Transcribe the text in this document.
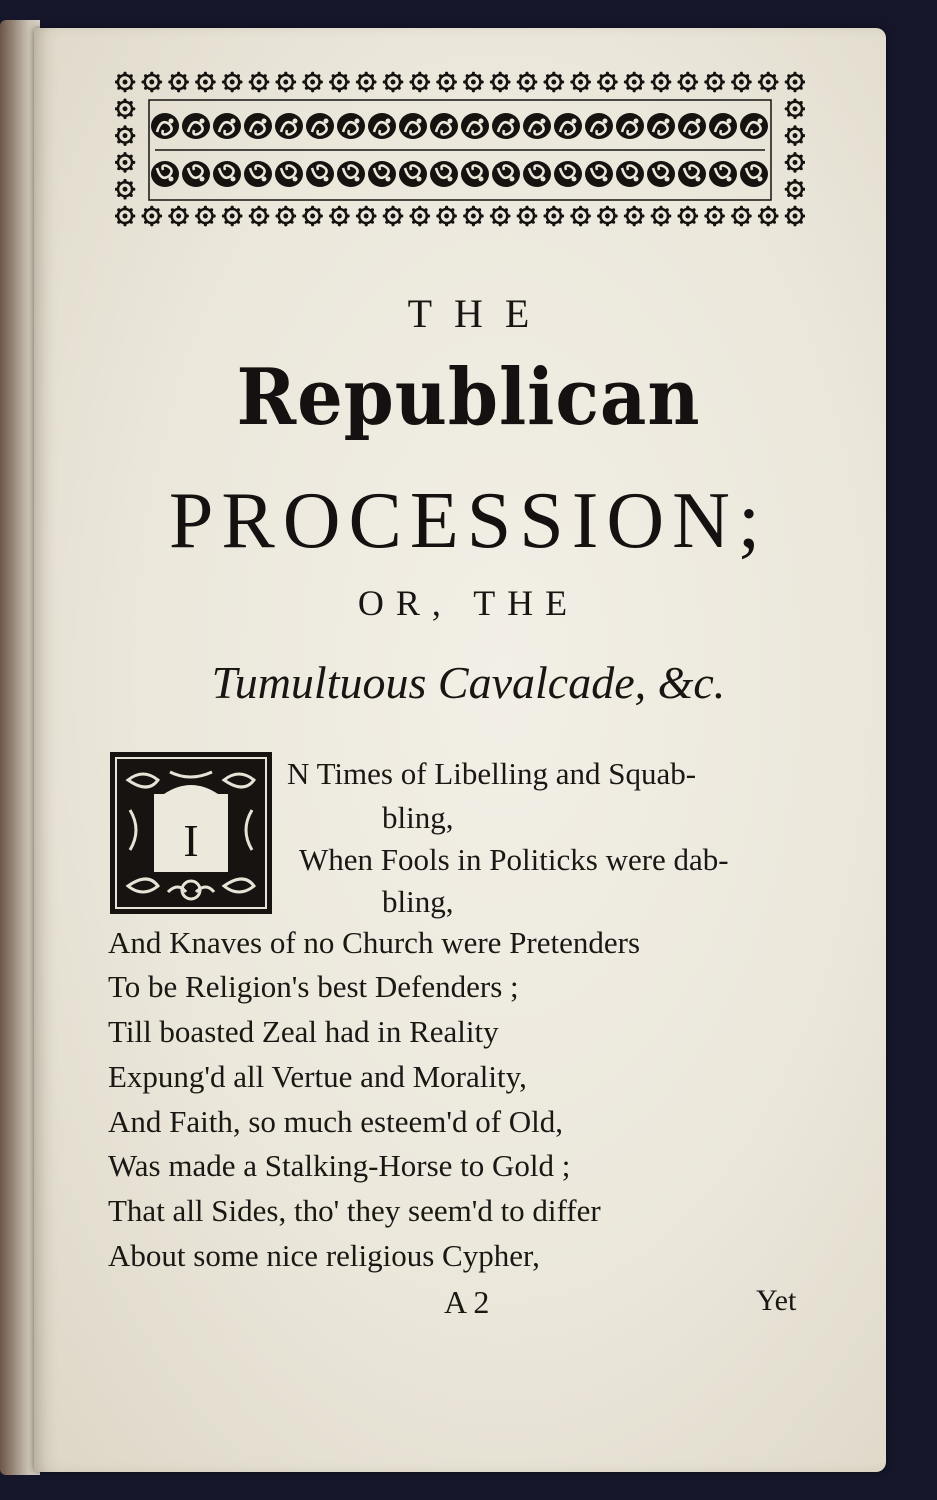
THE
Republican
PROCESSION;
OR, THE
Tumultuous Cavalcade, &c.
I
N Times of Libelling and Squab-
bling,
When Fools in Politicks were dab-
bling,
And Knaves of no Church were Pretenders
To be Religion's best Defenders ;
Till boasted Zeal had in Reality
Expung'd all Vertue and Morality,
And Faith, so much esteem'd of Old,
Was made a Stalking-Horse to Gold ;
That all Sides, tho' they seem'd to differ
About some nice religious Cypher,
A 2	Yet
